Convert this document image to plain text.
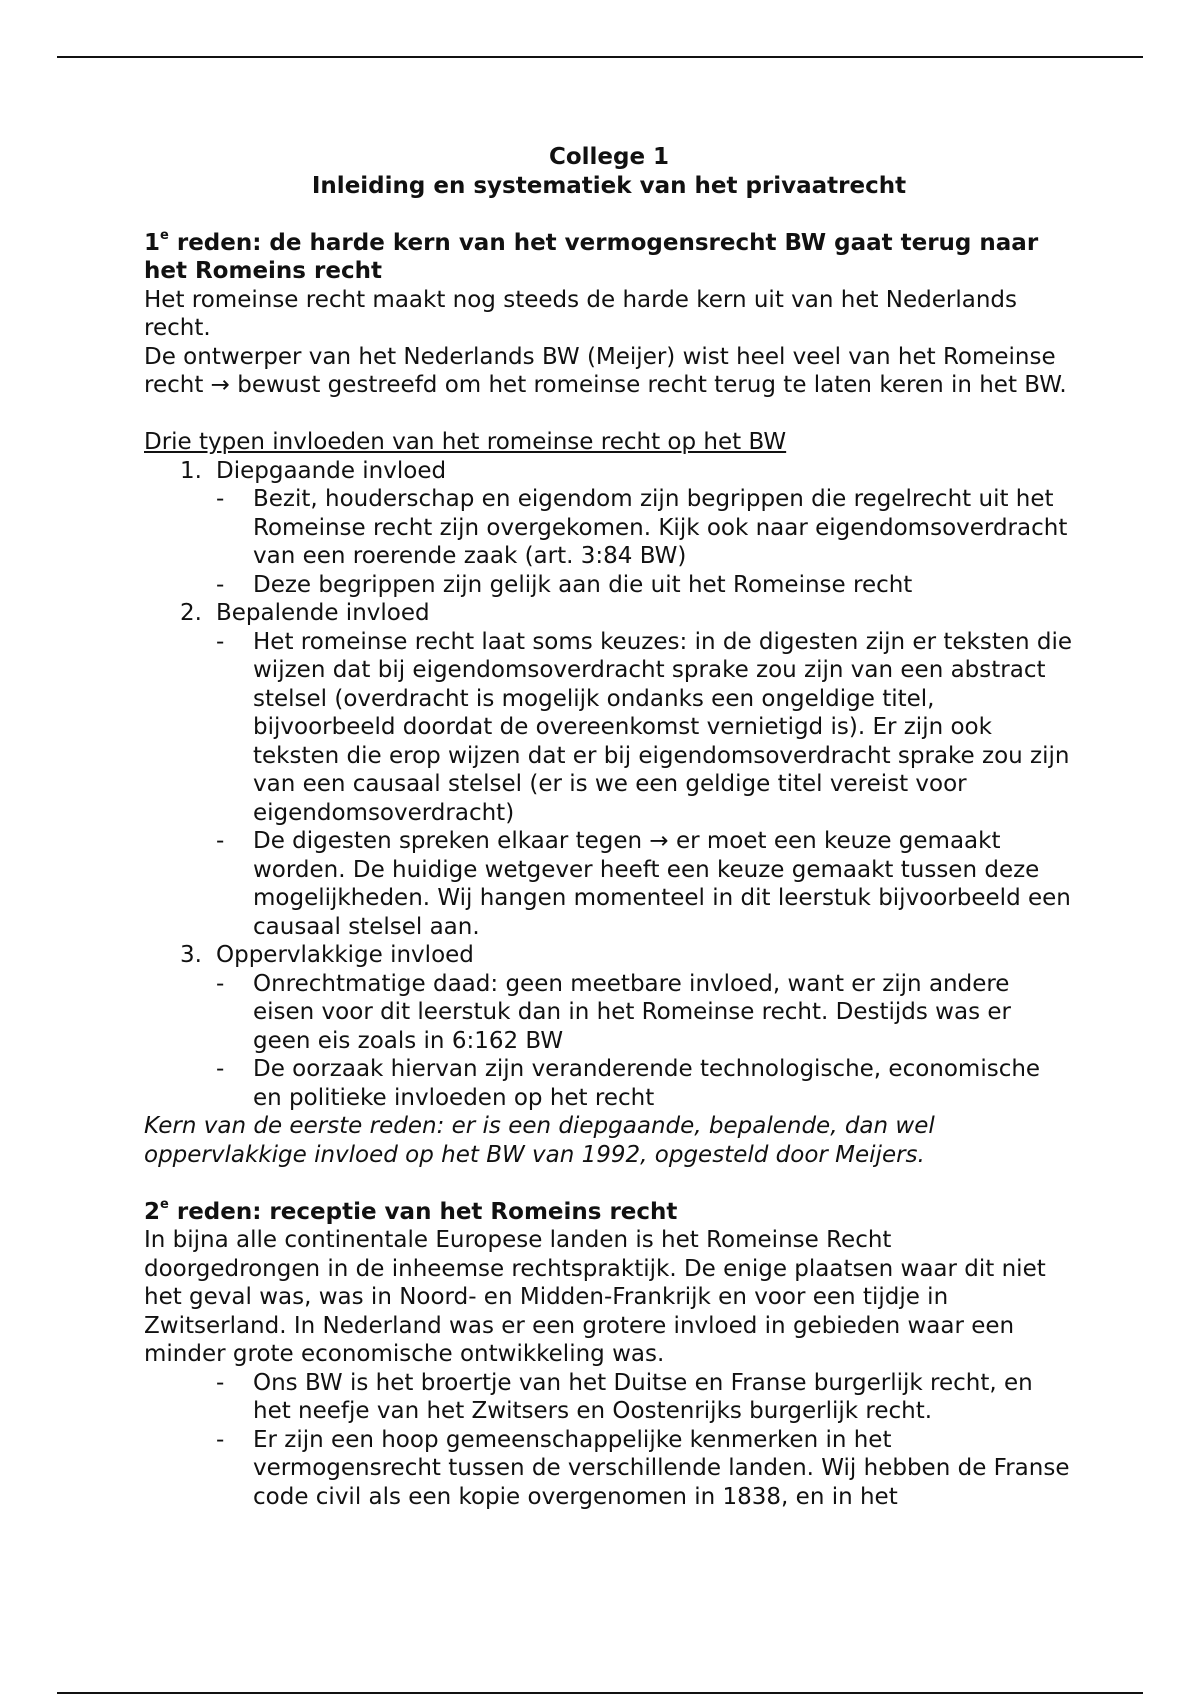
College 1
Inleiding en systematiek van het privaatrecht
1e reden: de harde kern van het vermogensrecht BW gaat terug naar het Romeins recht

Het romeinse recht maakt nog steeds de harde kern uit van het Nederlands recht.

De ontwerper van het Nederlands BW (Meijer) wist heel veel van het Romeinse recht → bewust gestreefd om het romeinse recht terug te laten keren in het BW.

Drie typen invloeden van het romeinse recht op het BW
1. Diepgaande invloed
- Bezit, houderschap en eigendom zijn begrippen die regelrecht uit het Romeinse recht zijn overgekomen. Kijk ook naar eigendomsoverdracht van een roerende zaak (art. 3:84 BW)
- Deze begrippen zijn gelijk aan die uit het Romeinse recht
2. Bepalende invloed
- Het romeinse recht laat soms keuzes: in de digesten zijn er teksten die wijzen dat bij eigendomsoverdracht sprake zou zijn van een abstract stelsel (overdracht is mogelijk ondanks een ongeldige titel, bijvoorbeeld doordat de overeenkomst vernietigd is). Er zijn ook teksten die erop wijzen dat er bij eigendomsoverdracht sprake zou zijn van een causaal stelsel (er is we een geldige titel vereist voor eigendomsoverdracht)
- De digesten spreken elkaar tegen → er moet een keuze gemaakt worden. De huidige wetgever heeft een keuze gemaakt tussen deze mogelijkheden. Wij hangen momenteel in dit leerstuk bijvoorbeeld een causaal stelsel aan.
3. Oppervlakkige invloed
- Onrechtmatige daad: geen meetbare invloed, want er zijn andere eisen voor dit leerstuk dan in het Romeinse recht. Destijds was er geen eis zoals in 6:162 BW
- De oorzaak hiervan zijn veranderende technologische, economische en politieke invloeden op het recht

Kern van de eerste reden: er is een diepgaande, bepalende, dan wel oppervlakkige invloed op het BW van 1992, opgesteld door Meijers.

2e reden: receptie van het Romeins recht

In bijna alle continentale Europese landen is het Romeinse Recht doorgedrongen in de inheemse rechtspraktijk. De enige plaatsen waar dit niet het geval was, was in Noord- en Midden-Frankrijk en voor een tijdje in Zwitserland. In Nederland was er een grotere invloed in gebieden waar een minder grote economische ontwikkeling was.

- Ons BW is het broertje van het Duitse en Franse burgerlijk recht, en het neefje van het Zwitsers en Oostenrijks burgerlijk recht.
- Er zijn een hoop gemeenschappelijke kenmerken in het vermogensrecht tussen de verschillende landen. Wij hebben de Franse code civil als een kopie overgenomen in 1838, en in het
